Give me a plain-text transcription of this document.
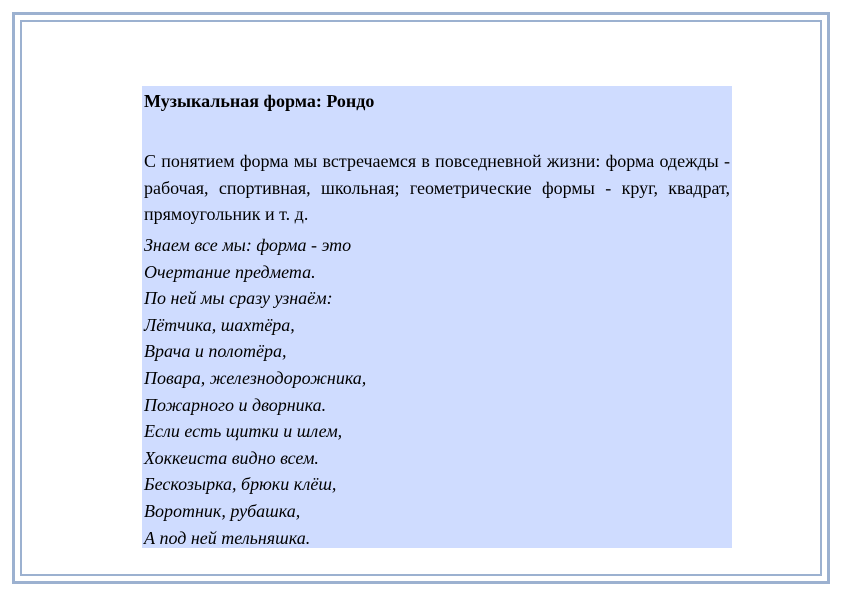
Музыкальная форма: Рондо

С понятием форма мы встречаемся в повседневной жизни: форма одежды - рабочая, спортивная, школьная; геометрические формы - круг, квадрат, прямоугольник и т. д.

Знаем все мы: форма - это
Очертание предмета.
По ней мы сразу узнаём:
Лётчика, шахтёра,
Врача и полотёра,
Повара, железнодорожника,
Пожарного и дворника.
Если есть щитки и шлем,
Хоккеиста видно всем.
Бескозырка, брюки клёш,
Воротник, рубашка,
А под ней тельняшка.
